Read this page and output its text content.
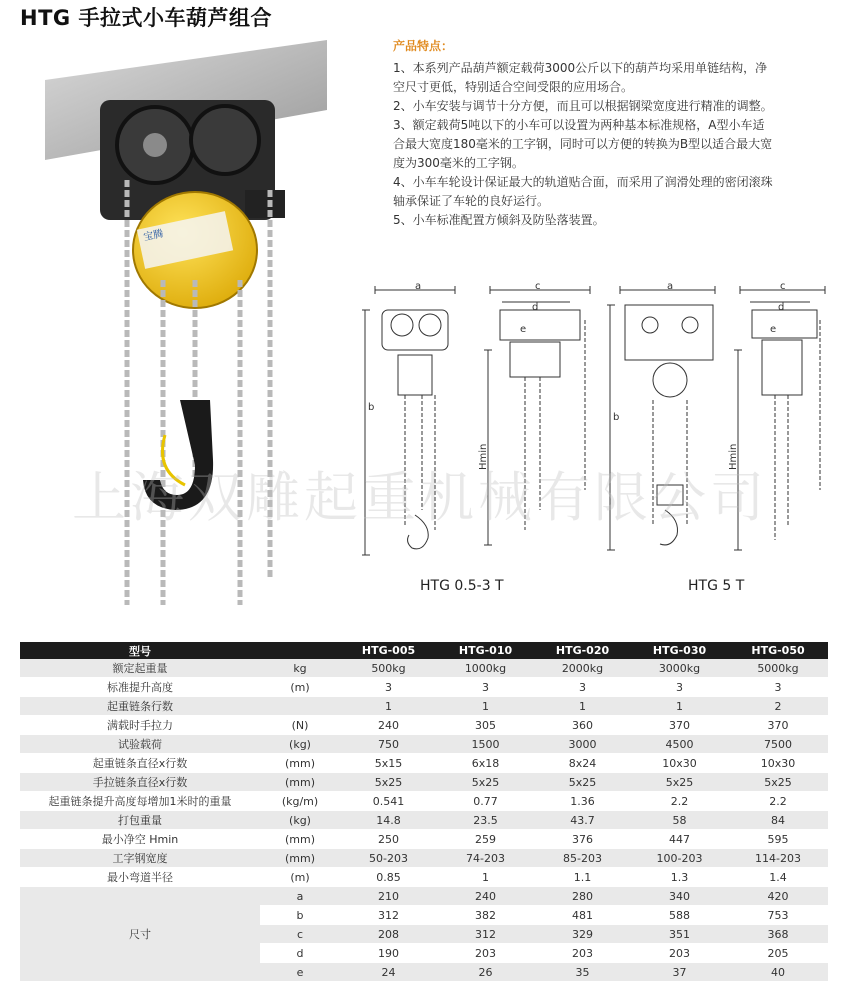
HTG 手拉式小车葫芦组合
宝腾
产品特点：
1、本系列产品葫芦额定载荷3000公斤以下的葫芦均采用单链结构，净
空尺寸更低，特别适合空间受限的应用场合。
2、小车安装与调节十分方便，而且可以根据钢梁宽度进行精准的调整。
3、额定载荷5吨以下的小车可以设置为两种基本标准规格，A型小车适
合最大宽度180毫米的工字钢，同时可以方便的转换为B型以适合最大宽
度为300毫米的工字钢。
4、小车车轮设计保证最大的轨道贴合面，而采用了润滑处理的密闭滚珠
轴承保证了车轮的良好运行。
5、小车标准配置方倾斜及防坠落装置。
a
b
c
d
e
Hmin
a
b
c
d
e
Hmin
HTG 0.5-3 T	HTG 5 T
上海双雕起重机械有限公司
型号		HTG-005	HTG-010	HTG-020	HTG-030	HTG-050
额定起重量	kg	500kg	1000kg	2000kg	3000kg	5000kg
标准提升高度	(m)	3	3	3	3	3
起重链条行数		1	1	1	1	2
满载时手拉力	(N)	240	305	360	370	370
试验载荷	(kg)	750	1500	3000	4500	7500
起重链条直径x行数	(mm)	5x15	6x18	8x24	10x30	10x30
手拉链条直径x行数	(mm)	5x25	5x25	5x25	5x25	5x25
起重链条提升高度每增加1米时的重量	(kg/m)	0.541	0.77	1.36	2.2	2.2
打包重量	(kg)	14.8	23.5	43.7	58	84
最小净空 Hmin	(mm)	250	259	376	447	595
工字钢宽度	(mm)	50-203	74-203	85-203	100-203	114-203
最小弯道半径	(m)	0.85	1	1.1	1.3	1.4
尺寸	a	210	240	280	340	420
	b	312	382	481	588	753
	c	208	312	329	351	368
	d	190	203	203	203	205
	e	24	26	35	37	40
